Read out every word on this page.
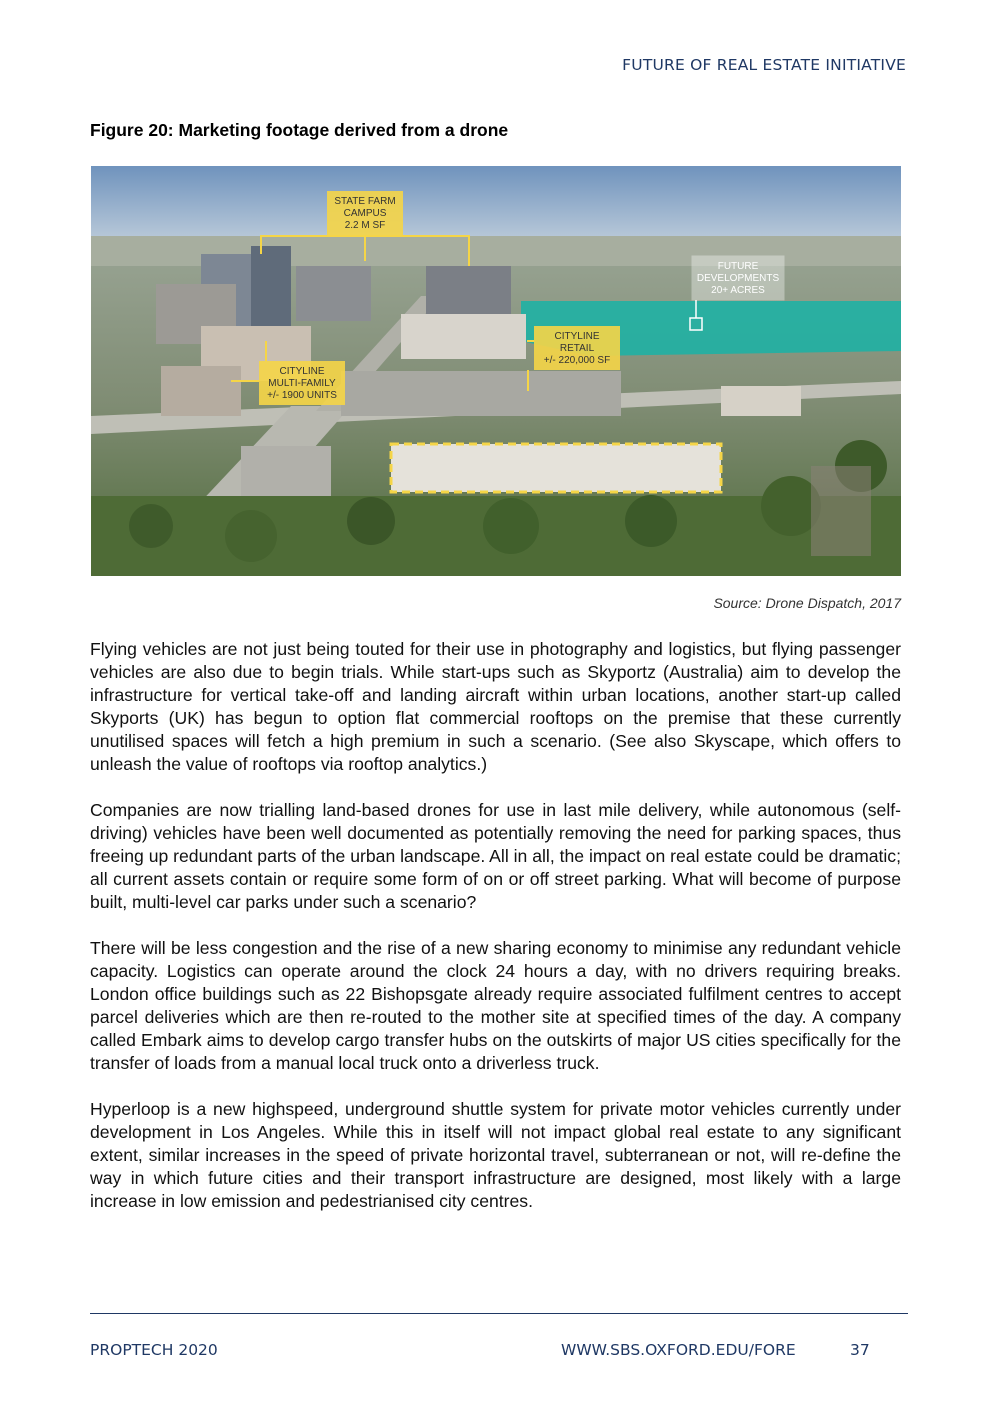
FUTURE OF REAL ESTATE INITIATIVE
Figure 20: Marketing footage derived from a drone
STATE FARM
CAMPUS
2.2 M SF
FUTURE
DEVELOPMENTS
20+ ACRES
CITYLINE
RETAIL
+/- 220,000 SF
CITYLINE
MULTI-FAMILY
+/- 1900 UNITS
Source: Drone Dispatch, 2017

Flying vehicles are not just being touted for their use in photography and logistics, but flying passenger vehicles are also due to begin trials. While start-ups such as Skyportz (Australia) aim to develop the infrastructure for vertical take-off and landing aircraft within urban locations, another start-up called Skyports (UK) has begun to option flat commercial rooftops on the premise that these currently unutilised spaces will fetch a high premium in such a scenario. (See also Skyscape, which offers to unleash the value of rooftops via rooftop analytics.)

Companies are now trialling land-based drones for use in last mile delivery, while autonomous (self-driving) vehicles have been well documented as potentially removing the need for parking spaces, thus freeing up redundant parts of the urban landscape. All in all, the impact on real estate could be dramatic; all current assets contain or require some form of on or off street parking. What will become of purpose built, multi-level car parks under such a scenario?

There will be less congestion and the rise of a new sharing economy to minimise any redundant vehicle capacity. Logistics can operate around the clock 24 hours a day, with no drivers requiring breaks. London office buildings such as 22 Bishopsgate already require associated fulfilment centres to accept parcel deliveries which are then re-routed to the mother site at specified times of the day. A company called Embark aims to develop cargo transfer hubs on the outskirts of major US cities specifically for the transfer of loads from a manual local truck onto a driverless truck.

Hyperloop is a new highspeed, underground shuttle system for private motor vehicles currently under development in Los Angeles. While this in itself will not impact global real estate to any significant extent, similar increases in the speed of private horizontal travel, subterranean or not, will re-define the way in which future cities and their transport infrastructure are designed, most likely with a large increase in low emission and pedestrianised city centres.

PROPTECH 2020	WWW.SBS.OXFORD.EDU/FORE	37
